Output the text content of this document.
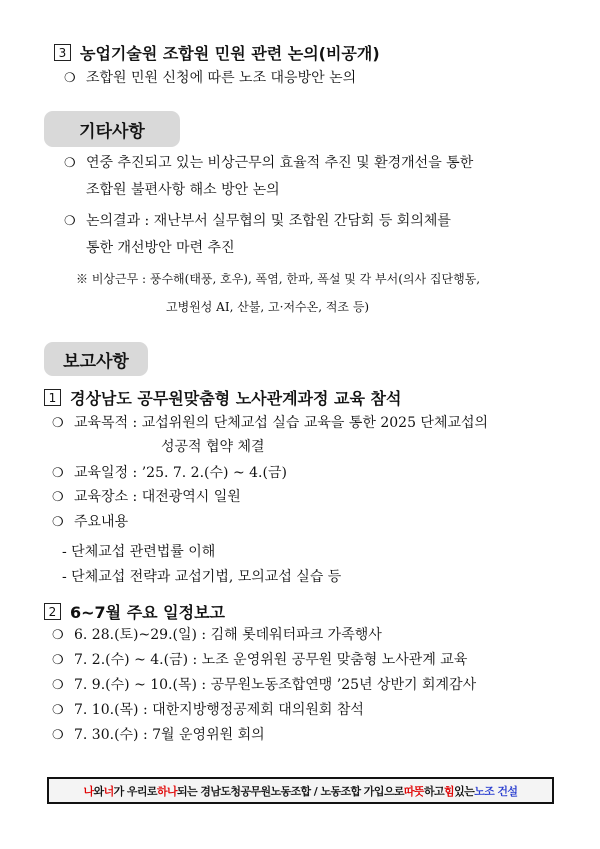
3 농업기술원 조합원 민원 관련 논의(비공개)
❍ 조합원 민원 신청에 따른 노조 대응방안 논의
기타사항
❍ 연중 추진되고 있는 비상근무의 효율적 추진 및 환경개선을 통한
조합원 불편사항 해소 방안 논의
❍ 논의결과 : 재난부서 실무협의 및 조합원 간담회 등 회의체를
통한 개선방안 마련 추진
※ 비상근무 : 풍수해(태풍, 호우), 폭염, 한파, 폭설 및 각 부서(의사 집단행동,
고병원성 AI, 산불, 고·저수온, 적조 등)
보고사항
1 경상남도 공무원맞춤형 노사관계과정 교육 참석
❍ 교육목적 : 교섭위원의 단체교섭 실습 교육을 통한 2025 단체교섭의
성공적 협약 체결
❍ 교육일정 : ’25. 7. 2.(수) ~ 4.(금)
❍ 교육장소 : 대전광역시 일원
❍ 주요내용
- 단체교섭 관련법률 이해
- 단체교섭 전략과 교섭기법, 모의교섭 실습 등
2 6~7월 주요 일정보고
❍ 6. 28.(토)~29.(일) : 김해 롯데워터파크 가족행사
❍ 7. 2.(수) ~ 4.(금) : 노조 운영위원 공무원 맞춤형 노사관계 교육
❍ 7. 9.(수) ~ 10.(목) : 공무원노동조합연맹 ’25년 상반기 회계감사
❍ 7. 10.(목) : 대한지방행정공제회 대의원회 참석
❍ 7. 30.(수) : 7월 운영위원 회의
나 와 너 가 우리로 하나 되는 경남도청공무원노동조합 / 노동조합 가입으로 따뜻 하고 힘 있는 노조 건설
